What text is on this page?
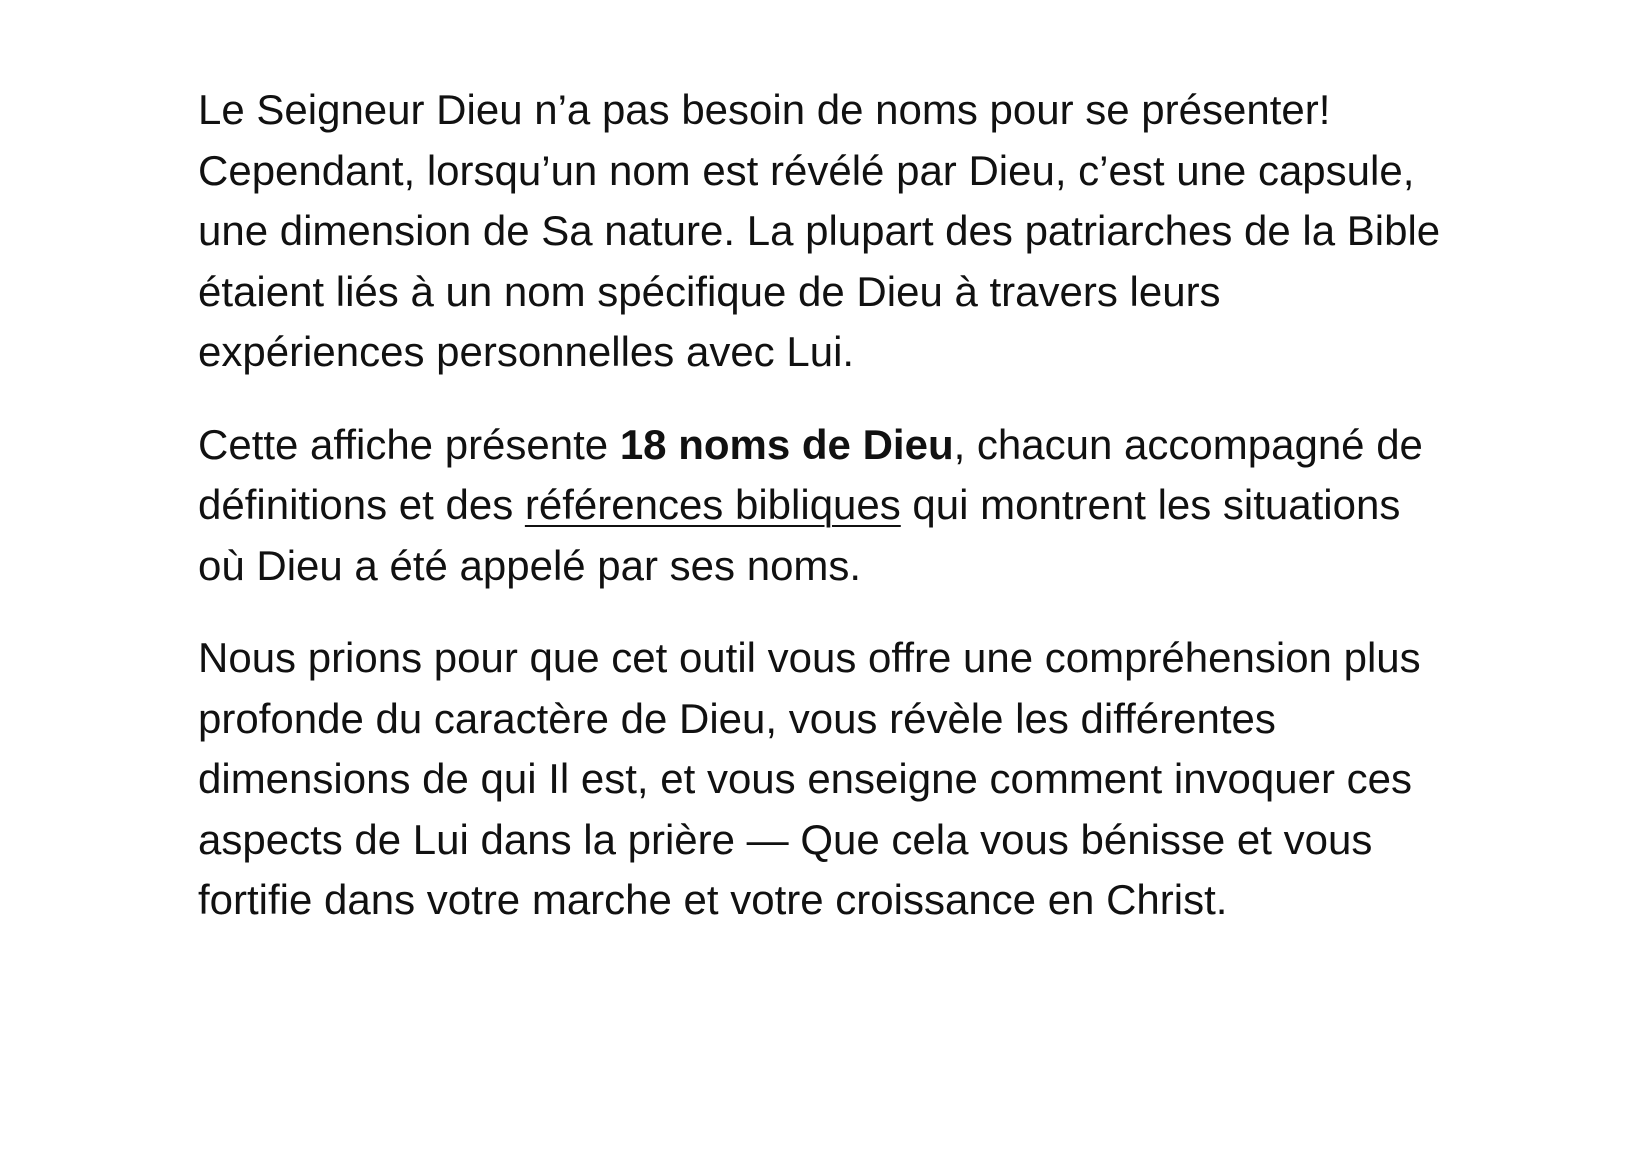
Le Seigneur Dieu n’a pas besoin de noms pour se présenter! Cependant, lorsqu’un nom est révélé par Dieu, c’est une capsule, une dimension de Sa nature. La plupart des patriarches de la Bible étaient liés à un nom spécifique de Dieu à travers leurs expériences personnelles avec Lui.

Cette affiche présente 18 noms de Dieu, chacun accompagné de définitions et des références bibliques qui montrent les situations où Dieu a été appelé par ses noms.

Nous prions pour que cet outil vous offre une compréhension plus profonde du caractère de Dieu, vous révèle les différentes dimensions de qui Il est, et vous enseigne comment invoquer ces aspects de Lui dans la prière — Que cela vous bénisse et vous fortifie dans votre marche et votre croissance en Christ.
